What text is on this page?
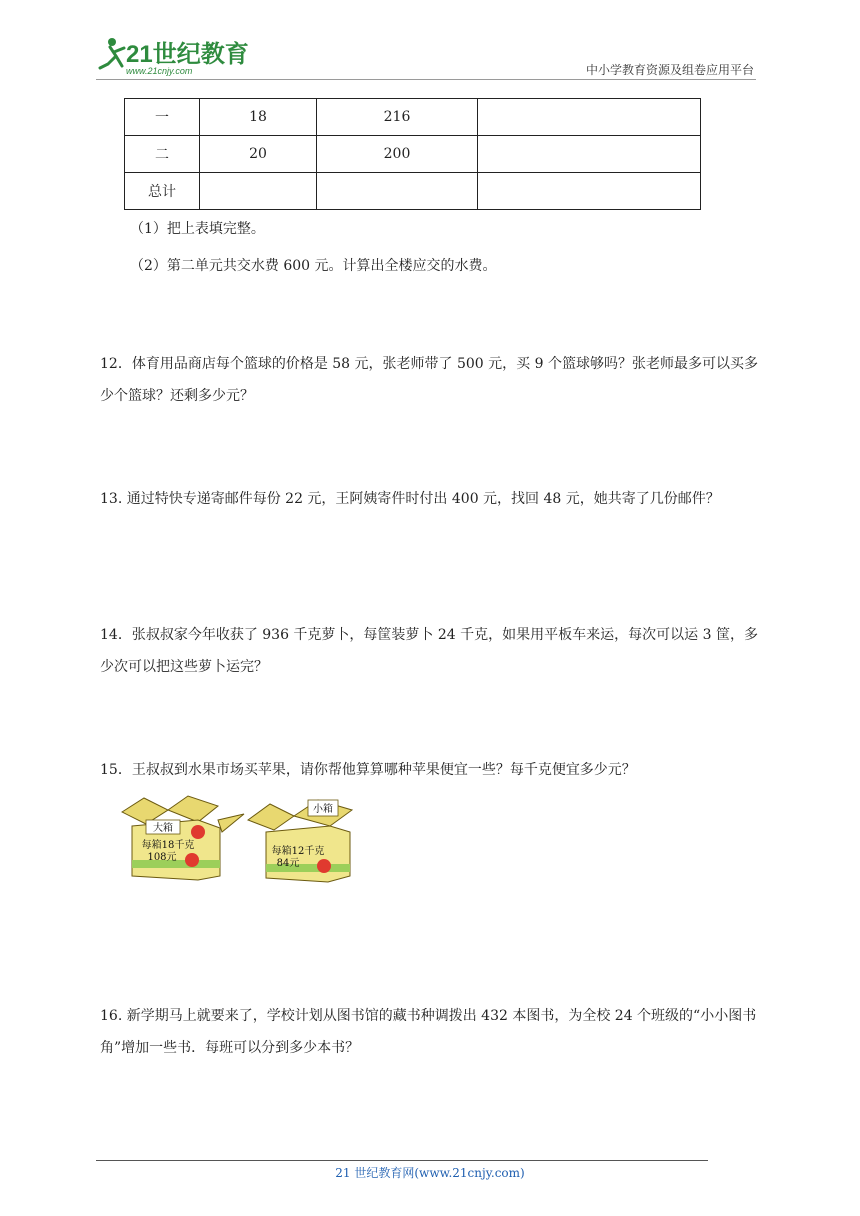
21世纪教育
www.21cnjy.com	中小学教育资源及组卷应用平台
一	18	216	
二	20	200	
总计			
（1）把上表填完整。
（2）第二单元共交水费 600 元。计算出全楼应交的水费。
12．体育用品商店每个篮球的价格是 58 元，张老师带了 500 元，买 9 个篮球够吗？张老师最多可以买多少个篮球？还剩多少元？
13. 通过特快专递寄邮件每份 22 元，王阿姨寄件时付出 400 元，找回 48 元，她共寄了几份邮件？
14．张叔叔家今年收获了 936 千克萝卜，每筐装萝卜 24 千克，如果用平板车来运，每次可以运 3 筐，多少次可以把这些萝卜运完？
15．王叔叔到水果市场买苹果，请你帮他算算哪种苹果便宜一些？每千克便宜多少元？
大箱
每箱18千克
108元
小箱
每箱12千克
84元
16. 新学期马上就要来了，学校计划从图书馆的藏书种调拨出 432 本图书，为全校 24 个班级的“小小图书角”增加一些书．每班可以分到多少本书？
21 世纪教育网(www.21cnjy.com)
